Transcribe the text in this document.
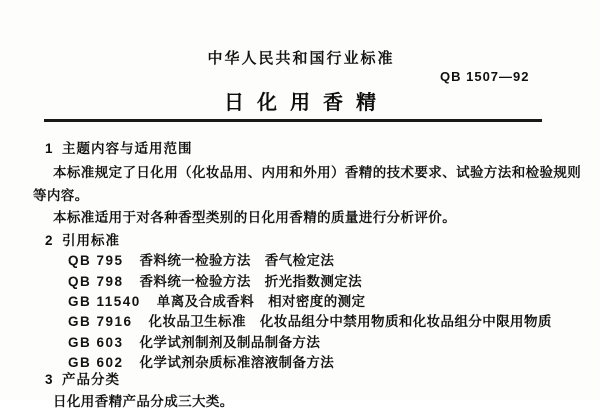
中华人民共和国行业标准
QB 1507—92
日化用香精
1 主题内容与适用范围
本标准规定了日化用（化妆品用、内用和外用）香精的技术要求、试验方法和检验规则
等内容。
本标准适用于对各种香型类别的日化用香精的质量进行分析评价。
2 引用标准
QB 795 香料统一检验方法 香气检定法
QB 798 香料统一检验方法 折光指数测定法
GB 11540 单离及合成香料 相对密度的测定
GB 7916 化妆品卫生标准 化妆品组分中禁用物质和化妆品组分中限用物质
GB 603 化学试剂制剂及制品制备方法
GB 602 化学试剂杂质标准溶液制备方法
3 产品分类
日化用香精产品分成三大类。
